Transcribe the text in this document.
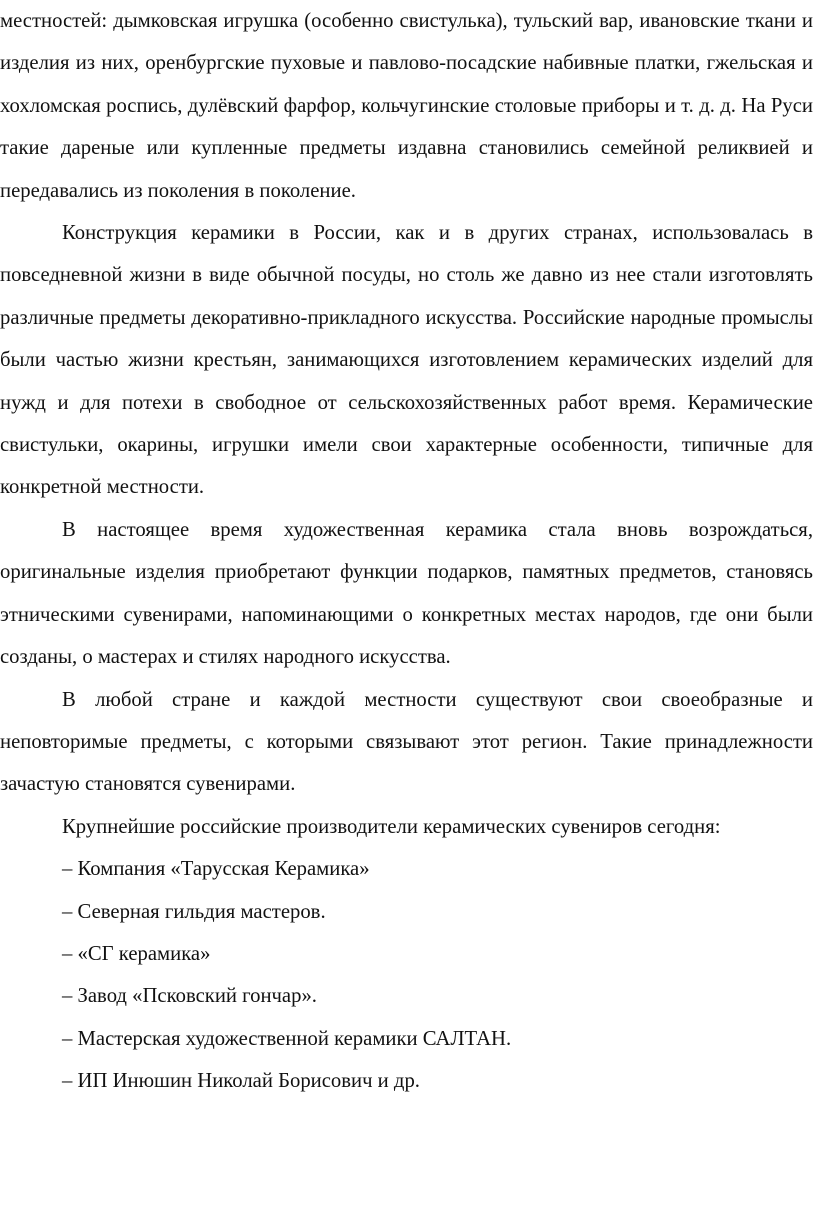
местностей: дымковская игрушка (особенно свистулька), тульский вар, ивановские ткани и изделия из них, оренбургские пуховые и павлово-посадские набивные платки, гжельская и хохломская роспись, дулёвский фарфор, кольчугинские столовые приборы и т. д. д. На Руси такие дареные или купленные предметы издавна становились семейной реликвией и передавались из поколения в поколение.

Конструкция керамики в России, как и в других странах, использовалась в повседневной жизни в виде обычной посуды, но столь же давно из нее стали изготовлять различные предметы декоративно-прикладного искусства. Российские народные промыслы были частью жизни крестьян, занимающихся изготовлением керамических изделий для нужд и для потехи в свободное от сельскохозяйственных работ время. Керамические свистульки, окарины, игрушки имели свои характерные особенности, типичные для конкретной местности.

В настоящее время художественная керамика стала вновь возрождаться, оригинальные изделия приобретают функции подарков, памятных предметов, становясь этническими сувенирами, напоминающими о конкретных местах народов, где они были созданы, о мастерах и стилях народного искусства.

В любой стране и каждой местности существуют свои своеобразные и неповторимые предметы, с которыми связывают этот регион. Такие принадлежности зачастую становятся сувенирами.

Крупнейшие российские производители керамических сувениров сегодня:

– Компания «Тарусская Керамика»
– Северная гильдия мастеров.
– «СГ керамика»
– Завод «Псковский гончар».
– Мастерская художественной керамики САЛТАН.
– ИП Инюшин Николай Борисович и др.
